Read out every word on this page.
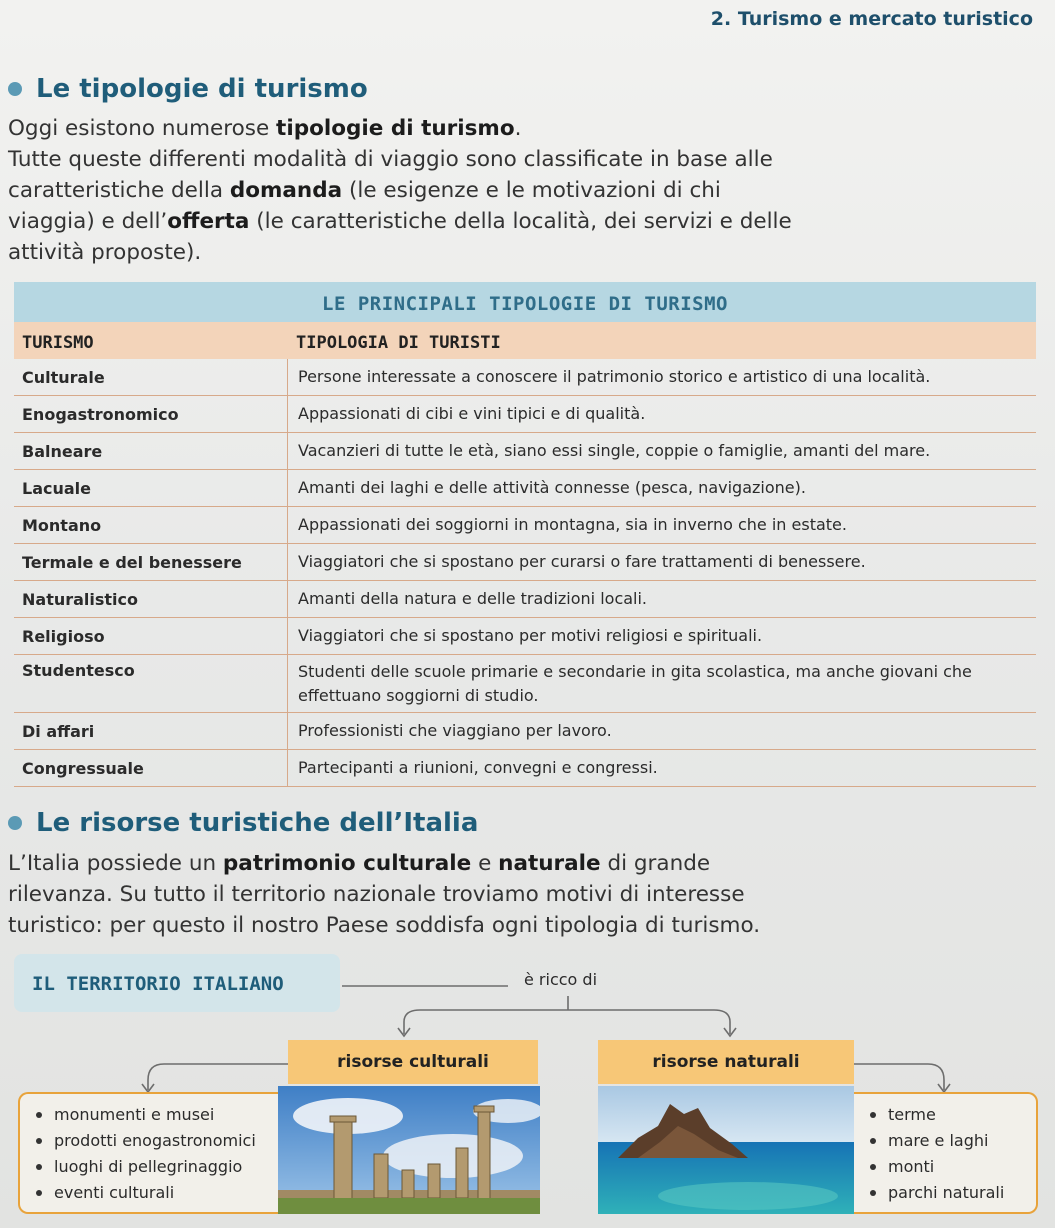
2. Turismo e mercato turistico
Le tipologie di turismo
Oggi esistono numerose tipologie di turismo.
Tutte queste differenti modalità di viaggio sono classificate in base alle caratteristiche della domanda (le esigenze e le motivazioni di chi viaggia) e dell’offerta (le caratteristiche della località, dei servizi e delle attività proposte).
LE PRINCIPALI TIPOLOGIE DI TURISMO
TURISMO	TIPOLOGIA DI TURISTI
Culturale	Persone interessate a conoscere il patrimonio storico e artistico di una località.
Enogastronomico	Appassionati di cibi e vini tipici e di qualità.
Balneare	Vacanzieri di tutte le età, siano essi single, coppie o famiglie, amanti del mare.
Lacuale	Amanti dei laghi e delle attività connesse (pesca, navigazione).
Montano	Appassionati dei soggiorni in montagna, sia in inverno che in estate.
Termale e del benessere	Viaggiatori che si spostano per curarsi o fare trattamenti di benessere.
Naturalistico	Amanti della natura e delle tradizioni locali.
Religioso	Viaggiatori che si spostano per motivi religiosi e spirituali.
Studentesco	Studenti delle scuole primarie e secondarie in gita scolastica, ma anche giovani che effettuano soggiorni di studio.
Di affari	Professionisti che viaggiano per lavoro.
Congressuale	Partecipanti a riunioni, convegni e congressi.
Le risorse turistiche dell’Italia
L’Italia possiede un patrimonio culturale e naturale di grande rilevanza. Su tutto il territorio nazionale troviamo motivi di interesse turistico: per questo il nostro Paese soddisfa ogni tipologia di turismo.
IL TERRITORIO ITALIANO	è ricco di
risorse culturali	risorse naturali
monumenti e musei
prodotti enogastronomici
luoghi di pellegrinaggio
eventi culturali
terme
mare e laghi
monti
parchi naturali
